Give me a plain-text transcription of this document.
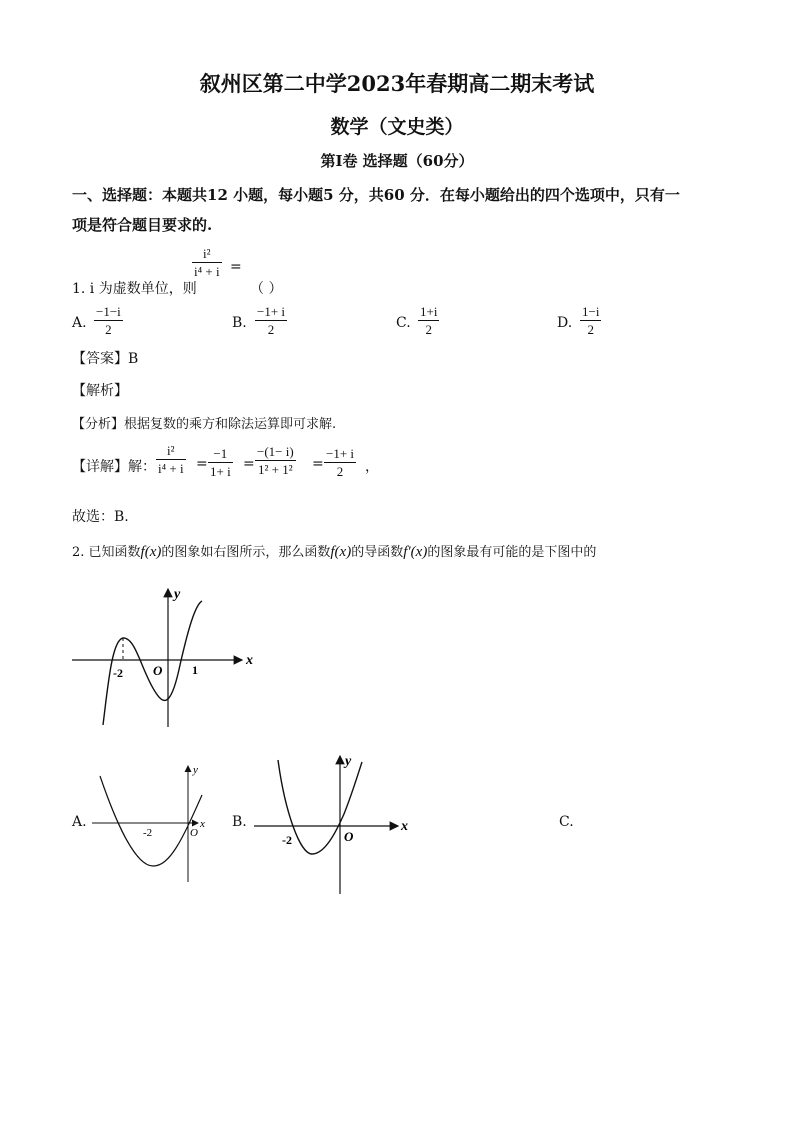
叙州区第二中学2023年春期高二期末考试
数学（文史类）
第I卷 选择题（60分）
一、选择题：本题共12 小题，每小题5 分，共60 分．在每小题给出的四个选项中，只有一
项是符合题目要求的.
1. i 为虚数单位，则
i²
i⁴ + i =
（ ）
A.
−1−i
2	B.
−1+ i
2	C.
1+i
2	D.
1−i
2
【答案】B
【解析】
【分析】根据复数的乘方和除法运算即可求解.
【详解】解：
i²
i⁴ + i =
−1
1+ i =
−(1− i)
1² + 1² =
−1+ i
2 ，
故选：B.
2. 已知函数f(x)的图象如右图所示，那么函数f(x)的导函数f′(x)的图象最有可能的是下图中的
-2 O 1
x
y
A.
-2	O
x
y
B.
-2	O
x
y
C.
